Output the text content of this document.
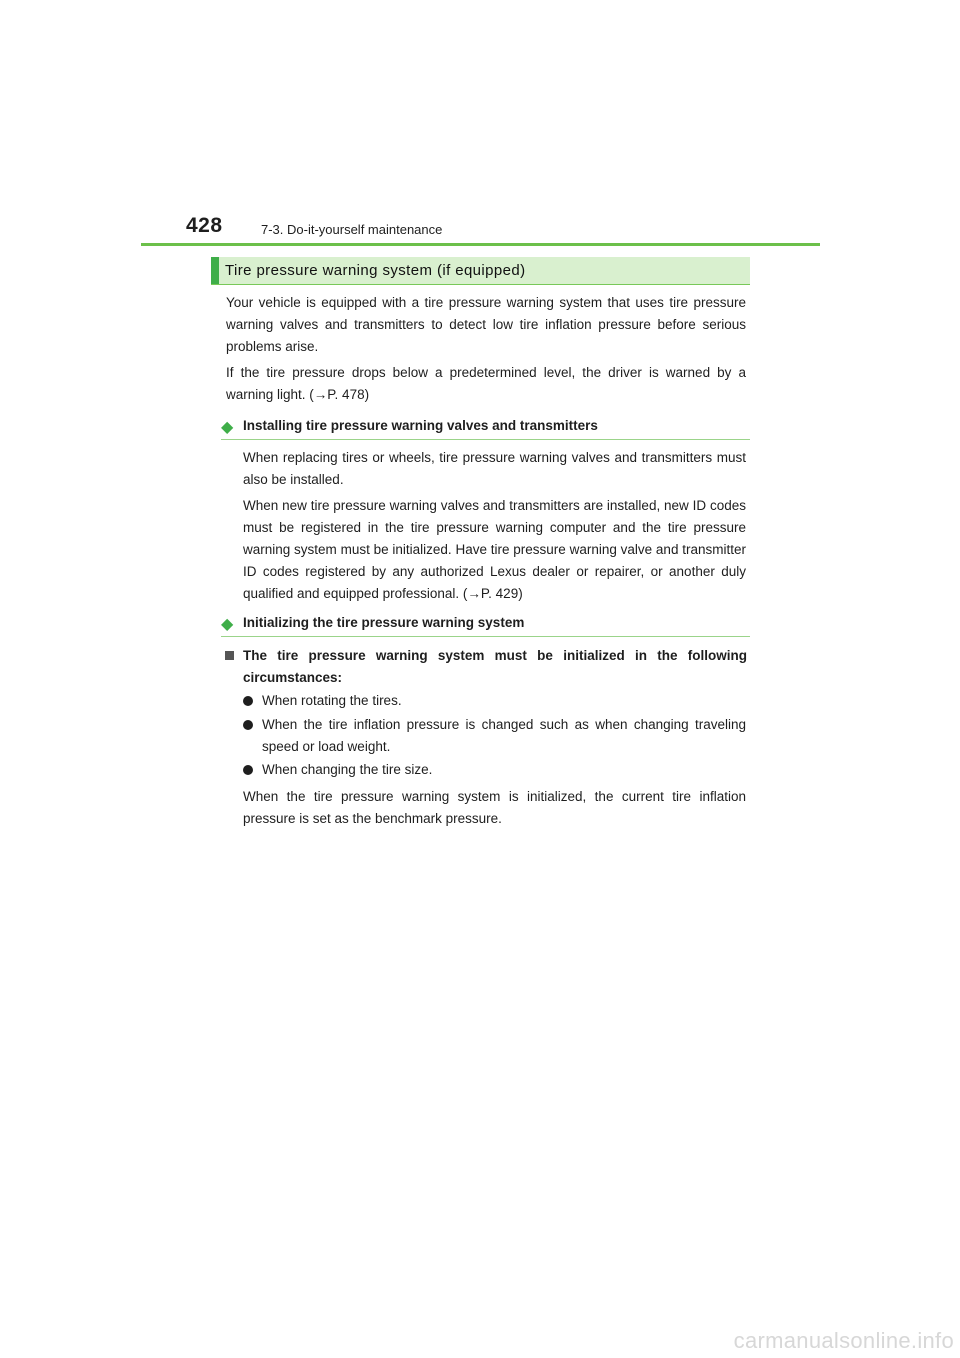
428	7-3. Do-it-yourself maintenance
Tire pressure warning system (if equipped)

Your vehicle is equipped with a tire pressure warning system that uses tire pressure warning valves and transmitters to detect low tire inflation pressure before serious problems arise.

If the tire pressure drops below a predetermined level, the driver is warned by a warning light. (→P. 478)

◆ Installing tire pressure warning valves and transmitters

When replacing tires or wheels, tire pressure warning valves and transmitters must also be installed.

When new tire pressure warning valves and transmitters are installed, new ID codes must be registered in the tire pressure warning computer and the tire pressure warning system must be initialized. Have tire pressure warning valve and transmitter ID codes registered by any authorized Lexus dealer or repairer, or another duly qualified and equipped professional. (→P. 429)

◆ Initializing the tire pressure warning system
The tire pressure warning system must be initialized in the following circumstances:
When rotating the tires.
When the tire inflation pressure is changed such as when changing traveling speed or load weight.
When changing the tire size.

When the tire pressure warning system is initialized, the current tire inflation pressure is set as the benchmark pressure.

carmanualsonline.info
